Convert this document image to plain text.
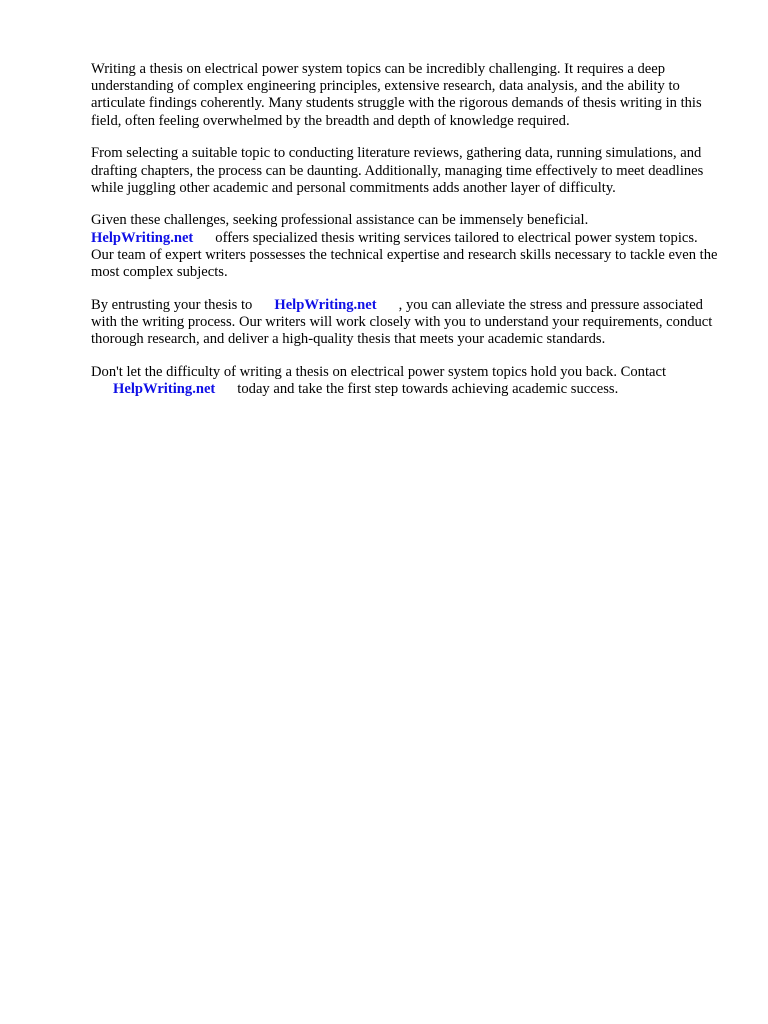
Writing a thesis on electrical power system topics can be incredibly challenging. It requires a deep understanding of complex engineering principles, extensive research, data analysis, and the ability to articulate findings coherently. Many students struggle with the rigorous demands of thesis writing in this field, often feeling overwhelmed by the breadth and depth of knowledge required.

From selecting a suitable topic to conducting literature reviews, gathering data, running simulations, and drafting chapters, the process can be daunting. Additionally, managing time effectively to meet deadlines while juggling other academic and personal commitments adds another layer of difficulty.

Given these challenges, seeking professional assistance can be immensely beneficial.
HelpWriting.net offers specialized thesis writing services tailored to electrical power system topics. Our team of expert writers possesses the technical expertise and research skills necessary to tackle even the most complex subjects.

By entrusting your thesis to HelpWriting.net , you can alleviate the stress and pressure associated with the writing process. Our writers will work closely with you to understand your requirements, conduct thorough research, and deliver a high-quality thesis that meets your academic standards.

Don't let the difficulty of writing a thesis on electrical power system topics hold you back. Contact
HelpWriting.net today and take the first step towards achieving academic success.
